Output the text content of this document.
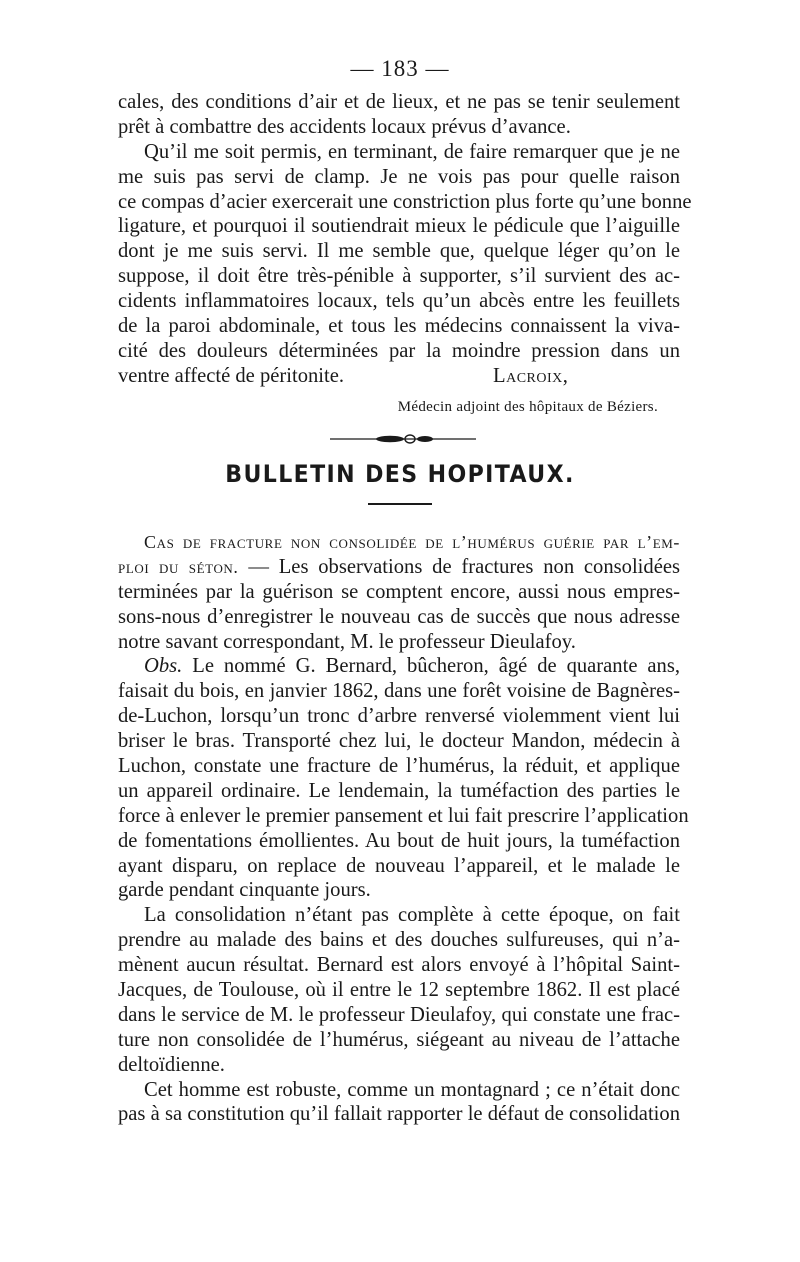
— 183 —
cales, des conditions d’air et de lieux, et ne pas se tenir seulement
prêt à combattre des accidents locaux prévus d’avance.
Qu’il me soit permis, en terminant, de faire remarquer que je ne
me suis pas servi de clamp. Je ne vois pas pour quelle raison
ce compas d’acier exercerait une constriction plus forte qu’une bonne
ligature, et pourquoi il soutiendrait mieux le pédicule que l’aiguille
dont je me suis servi. Il me semble que, quelque léger qu’on le
suppose, il doit être très-pénible à supporter, s’il survient des ac-
cidents inflammatoires locaux, tels qu’un abcès entre les feuillets
de la paroi abdominale, et tous les médecins connaissent la viva-
cité des douleurs déterminées par la moindre pression dans un
ventre affecté de péritonite.	Lacroix,
Médecin adjoint des hôpitaux de Béziers.
BULLETIN DES HOPITAUX.
Cas de fracture non consolidée de l’humérus guérie par l’em-
ploi du séton. — Les observations de fractures non consolidées
terminées par la guérison se comptent encore, aussi nous empres-
sons-nous d’enregistrer le nouveau cas de succès que nous adresse
notre savant correspondant, M. le professeur Dieulafoy.
Obs. Le nommé G. Bernard, bûcheron, âgé de quarante ans,
faisait du bois, en janvier 1862, dans une forêt voisine de Bagnères-
de-Luchon, lorsqu’un tronc d’arbre renversé violemment vient lui
briser le bras. Transporté chez lui, le docteur Mandon, médecin à
Luchon, constate une fracture de l’humérus, la réduit, et applique
un appareil ordinaire. Le lendemain, la tuméfaction des parties le
force à enlever le premier pansement et lui fait prescrire l’application
de fomentations émollientes. Au bout de huit jours, la tuméfaction
ayant disparu, on replace de nouveau l’appareil, et le malade le
garde pendant cinquante jours.
La consolidation n’étant pas complète à cette époque, on fait
prendre au malade des bains et des douches sulfureuses, qui n’a-
mènent aucun résultat. Bernard est alors envoyé à l’hôpital Saint-
Jacques, de Toulouse, où il entre le 12 septembre 1862. Il est placé
dans le service de M. le professeur Dieulafoy, qui constate une frac-
ture non consolidée de l’humérus, siégeant au niveau de l’attache
deltoïdienne.
Cet homme est robuste, comme un montagnard ; ce n’était donc
pas à sa constitution qu’il fallait rapporter le défaut de consolidation
